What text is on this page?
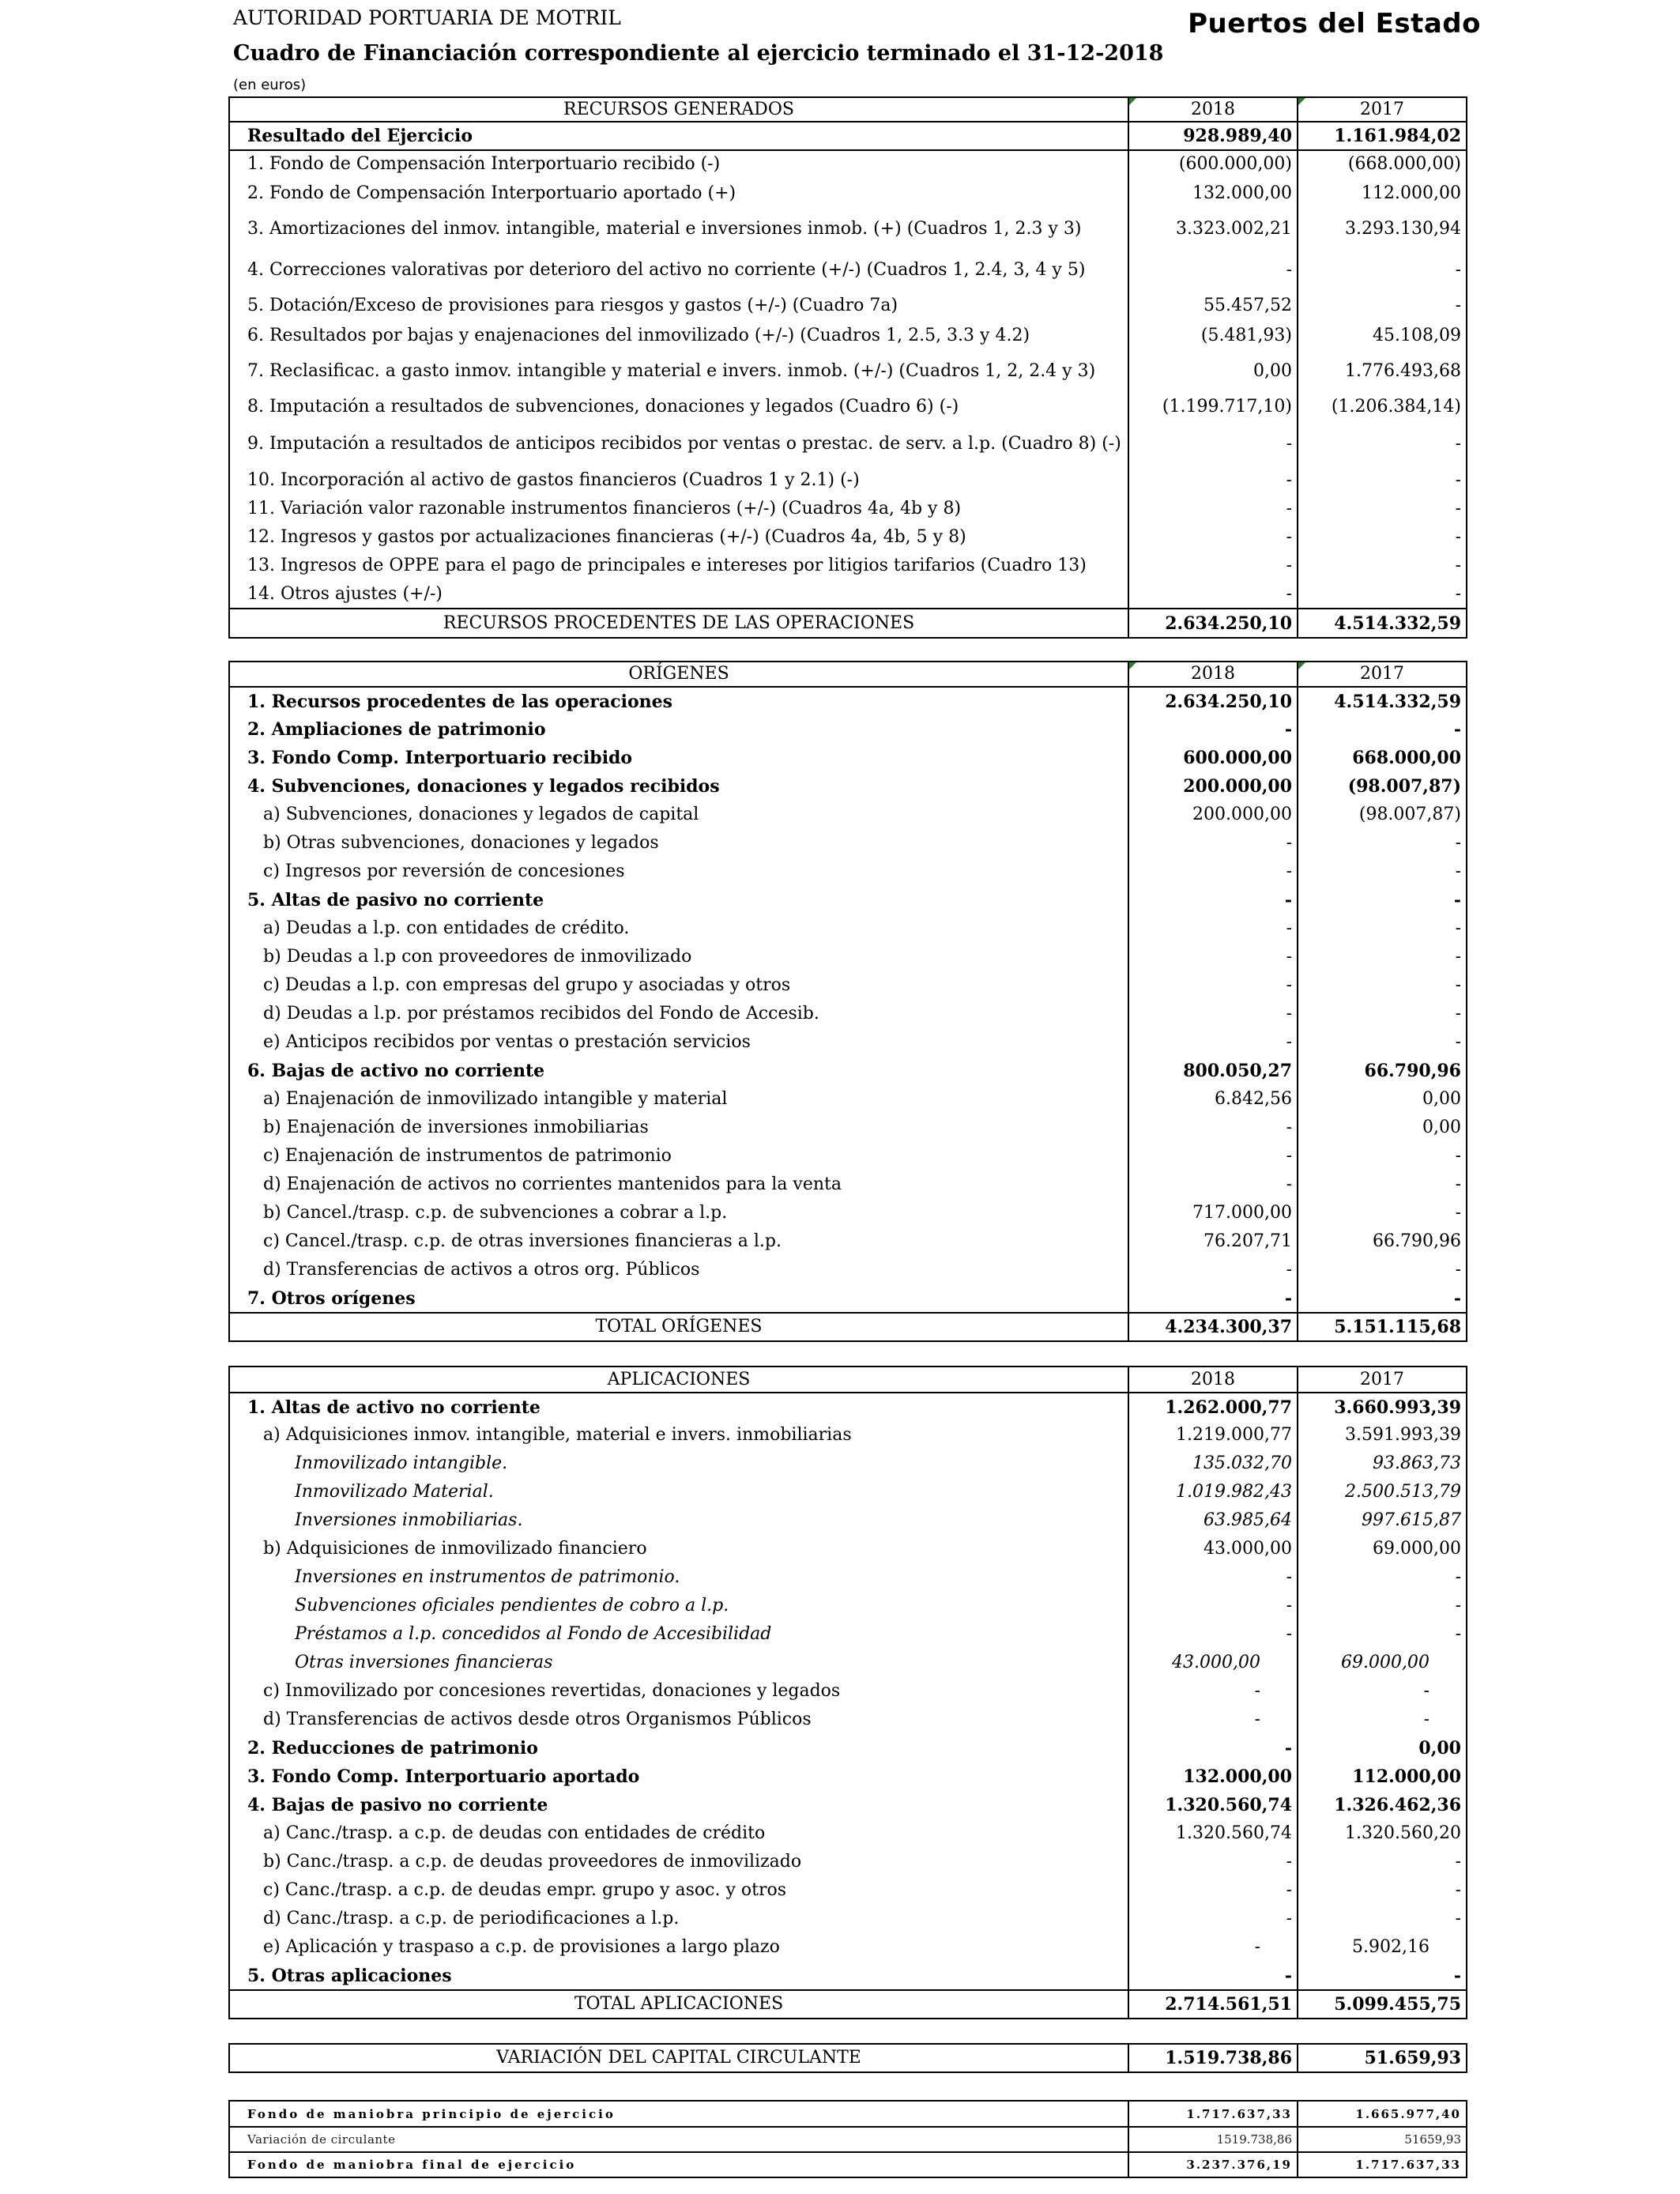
AUTORIDAD PORTUARIA DE MOTRIL	Puertos del Estado
Cuadro de Financiación correspondiente al ejercicio terminado el 31-12-2018
(en euros)
RECURSOS GENERADOS	2018	2017
Resultado del Ejercicio	928.989,40	1.161.984,02
1. Fondo de Compensación Interportuario recibido (-)	(600.000,00)	(668.000,00)
2. Fondo de Compensación Interportuario aportado (+)	132.000,00	112.000,00
3. Amortizaciones del inmov. intangible, material e inversiones inmob. (+) (Cuadros 1, 2.3 y 3)	3.323.002,21	3.293.130,94
4. Correcciones valorativas por deterioro del activo no corriente (+/-) (Cuadros 1, 2.4, 3, 4 y 5)	-	-
5. Dotación/Exceso de provisiones para riesgos y gastos (+/-) (Cuadro 7a)	55.457,52	-
6. Resultados por bajas y enajenaciones del inmovilizado (+/-) (Cuadros 1, 2.5, 3.3 y 4.2)	(5.481,93)	45.108,09
7. Reclasificac. a gasto inmov. intangible y material e invers. inmob. (+/-) (Cuadros 1, 2, 2.4 y 3)	0,00	1.776.493,68
8. Imputación a resultados de subvenciones, donaciones y legados (Cuadro 6) (-)	(1.199.717,10)	(1.206.384,14)
9. Imputación a resultados de anticipos recibidos por ventas o prestac. de serv. a l.p. (Cuadro 8) (-)	-	-
10. Incorporación al activo de gastos financieros (Cuadros 1 y 2.1) (-)	-	-
11. Variación valor razonable instrumentos financieros (+/-) (Cuadros 4a, 4b y 8)	-	-
12. Ingresos y gastos por actualizaciones financieras (+/-) (Cuadros 4a, 4b, 5 y 8)	-	-
13. Ingresos de OPPE para el pago de principales e intereses por litigios tarifarios (Cuadro 13)	-	-
14. Otros ajustes (+/-)	-	-
RECURSOS PROCEDENTES DE LAS OPERACIONES	2.634.250,10	4.514.332,59
ORÍGENES	2018	2017
1. Recursos procedentes de las operaciones	2.634.250,10	4.514.332,59
2. Ampliaciones de patrimonio	-	-
3. Fondo Comp. Interportuario recibido	600.000,00	668.000,00
4. Subvenciones, donaciones y legados recibidos	200.000,00	(98.007,87)
a) Subvenciones, donaciones y legados de capital	200.000,00	(98.007,87)
b) Otras subvenciones, donaciones y legados	-	-
c) Ingresos por reversión de concesiones	-	-
5. Altas de pasivo no corriente	-	-
a) Deudas a l.p. con entidades de crédito.	-	-
b) Deudas a l.p con proveedores de inmovilizado	-	-
c) Deudas a l.p. con empresas del grupo y asociadas y otros	-	-
d) Deudas a l.p. por préstamos recibidos del Fondo de Accesib.	-	-
e) Anticipos recibidos por ventas o prestación servicios	-	-
6. Bajas de activo no corriente	800.050,27	66.790,96
a) Enajenación de inmovilizado intangible y material	6.842,56	0,00
b) Enajenación de inversiones inmobiliarias	-	0,00
c) Enajenación de instrumentos de patrimonio	-	-
d) Enajenación de activos no corrientes mantenidos para la venta	-	-
b) Cancel./trasp. c.p. de subvenciones a cobrar a l.p.	717.000,00	-
c) Cancel./trasp. c.p. de otras inversiones financieras a l.p.	76.207,71	66.790,96
d) Transferencias de activos a otros org. Públicos	-	-
7. Otros orígenes	-	-
TOTAL ORÍGENES	4.234.300,37	5.151.115,68
APLICACIONES	2018	2017
1. Altas de activo no corriente	1.262.000,77	3.660.993,39
a) Adquisiciones inmov. intangible, material e invers. inmobiliarias	1.219.000,77	3.591.993,39
Inmovilizado intangible.	135.032,70	93.863,73
Inmovilizado Material.	1.019.982,43	2.500.513,79
Inversiones inmobiliarias.	63.985,64	997.615,87
b) Adquisiciones de inmovilizado financiero	43.000,00	69.000,00
Inversiones en instrumentos de patrimonio.	-	-
Subvenciones oficiales pendientes de cobro a l.p.	-	-
Préstamos a l.p. concedidos al Fondo de Accesibilidad	-	-
Otras inversiones financieras	43.000,00	69.000,00
c) Inmovilizado por concesiones revertidas, donaciones y legados	-	-
d) Transferencias de activos desde otros Organismos Públicos	-	-
2. Reducciones de patrimonio	-	0,00
3. Fondo Comp. Interportuario aportado	132.000,00	112.000,00
4. Bajas de pasivo no corriente	1.320.560,74	1.326.462,36
a) Canc./trasp. a c.p. de deudas con entidades de crédito	1.320.560,74	1.320.560,20
b) Canc./trasp. a c.p. de deudas proveedores de inmovilizado	-	-
c) Canc./trasp. a c.p. de deudas empr. grupo y asoc. y otros	-	-
d) Canc./trasp. a c.p. de periodificaciones a l.p.	-	-
e) Aplicación y traspaso a c.p. de provisiones a largo plazo	-	5.902,16
5. Otras aplicaciones	-	-
TOTAL APLICACIONES	2.714.561,51	5.099.455,75
VARIACIÓN DEL CAPITAL CIRCULANTE	1.519.738,86	51.659,93
Fondo de maniobra principio de ejercicio	1.717.637,33	1.665.977,40
Variación de circulante	1519.738,86	51659,93
Fondo de maniobra final de ejercicio	3.237.376,19	1.717.637,33
